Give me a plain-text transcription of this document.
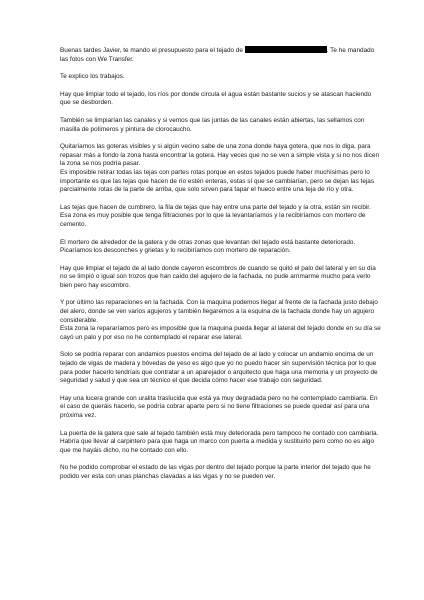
Buenas tardes Javier, te mando el presupuesto para el tejado de	. Te he mandado las fotos con We Transfer.

Te explico los trabajos.

Hay que limpiar todo el tejado, los ríos por donde circula el agua están bastante sucios y se atascan haciendo que se desborden.

También se limpiarían las canales y si vemos que las juntas de las canales están abiertas, las sellamos con masilla de polímeros y pintura de clorocaucho.

Quitaríamos las goteras visibles y si algún vecino sabe de una zona donde haya gotera, que nos lo diga, para repasar más a fondo la zona hasta encontrar la gotera. Hay veces que no se ven a simple vista y si no nos dicen la zona se nos podría pasar.

Es imposible retirar todas las tejas con partes rotas porque en estos tejados puede haber muchísimas pero lo importante es que las tejas que hacen de río estén enteras, estas sí que se cambiarían, pero se dejan las tejas parcialmente rotas de la parte de arriba, que solo sirven para tapar el hueco entre una teja de río y otra.

Las tejas que hacen de cumbrero, la fila de tejas que hay entre una parte del tejado y la otra, están sin recibir. Esa zona es muy posible que tenga filtraciones por lo que la levantaríamos y la recibiríamos con mortero de cemento.

El mortero de alrededor de la gatera y de otras zonas que levantan del tejado está bastante deteriorado. Picaríamos los desconches y grietas y lo recibiríamos con mortero de reparación.

Hay que limpiar el tejado de al lado donde cayeron escombros de cuando se quitó el palo del lateral y en su día no se limpió o igual son trozos que han caído del agujero de la fachada, no pude arrimarme mucho para verlo bien pero hay escombro.

Y por último las reparaciones en la fachada. Con la maquina podemos llegar al frente de la fachada justo debajo del alero, donde se ven varios agujeros y también llegaremos a la esquina de la fachada donde hay un agujero considerable.

Esta zona la repararíamos pero es imposible que la maquina pueda llegar al lateral del tejado donde en su día se cayó un palo y por eso no he contemplado el reparar ese lateral.

Solo se podría reparar con andamios puestos encima del tejado de al lado y colocar un andamio encima de un tejado de vigas de madera y bóvedas de yeso es algo que yo no puedo hacer sin supervisión técnica por lo que para poder hacerlo tendríais que contratar a un aparejador o arquitecto que haga una memoria y un proyecto de seguridad y salud y que sea un técnico el que decida cómo hacer ese trabajo con seguridad.

Hay una lucera grande con uralita traslucida que está ya muy degradada pero no he contemplado cambiarla. En el caso de queráis hacerlo, se podría cobrar aparte pero si no tiene filtraciones se puede quedar así para una próxima vez.

La puerta de la gatera que sale al tejado también está muy deteriorada pero tampoco he contado con cambiarla. Habría que llevar al carpintero para que haga un marco con puerta a medida y sustituirlo pero como no es algo que me hayáis dicho, no he contado con ello.

No he podido comprobar el estado de las vigas por dentro del tejado porque la parte interior del tejado que he podido ver esta con unas planchas clavadas a las vigas y no se pueden ver.
